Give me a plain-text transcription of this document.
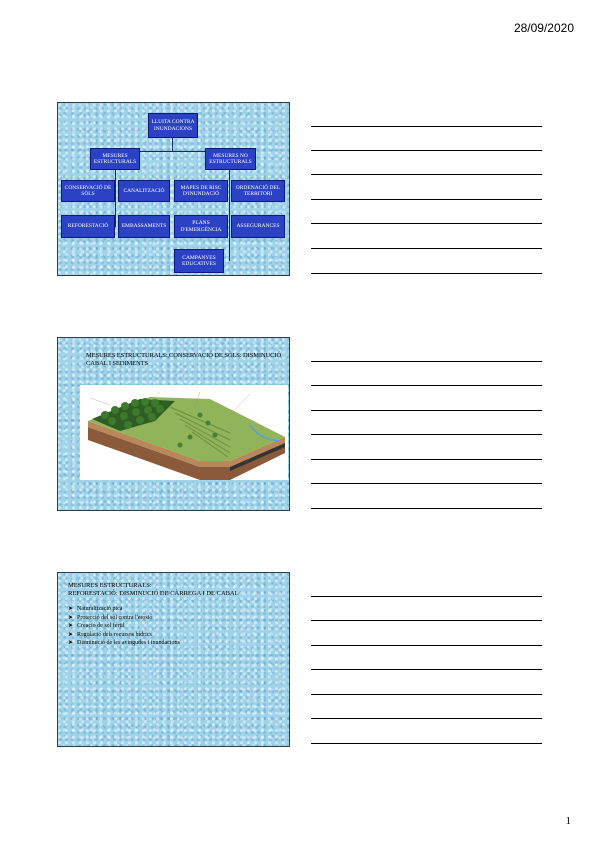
28/09/2020
LLUITA CONTRA INUNDACIONS
MESURES ESTRUCTURALS
MESURES NO ESTRUCTURALS
CONSERVACIÓ DE SÒLS
CANALITZACIÓ
MAPES DE RISC D'INUNDACIÓ
ORDENACIÓ DEL TERRITORI
REFORESTACIÓ	EMBASSAMENTS
PLANS D'EMERGÈNCIA
ASSEGURANCES
CAMPANYES EDUCATIVES
MESURES ESTRUCTURALS: CONSERVACIÓ DE SÒLS: DISMINUCIÓ CABAL I SEDIMENTS
MESURES ESTRUCTURALS:
REFORESTACIÓ: DISMINUCIÓ DE CÀRREGA I DE CABAL
➤ Naturalització pica
➤ Protecció del sòl contra l'erosió
➤ Creació de sòl fèrtil
➤ Regulació dels recursos hídrics
➤ Disminució de les avingudes i inundacions
1
